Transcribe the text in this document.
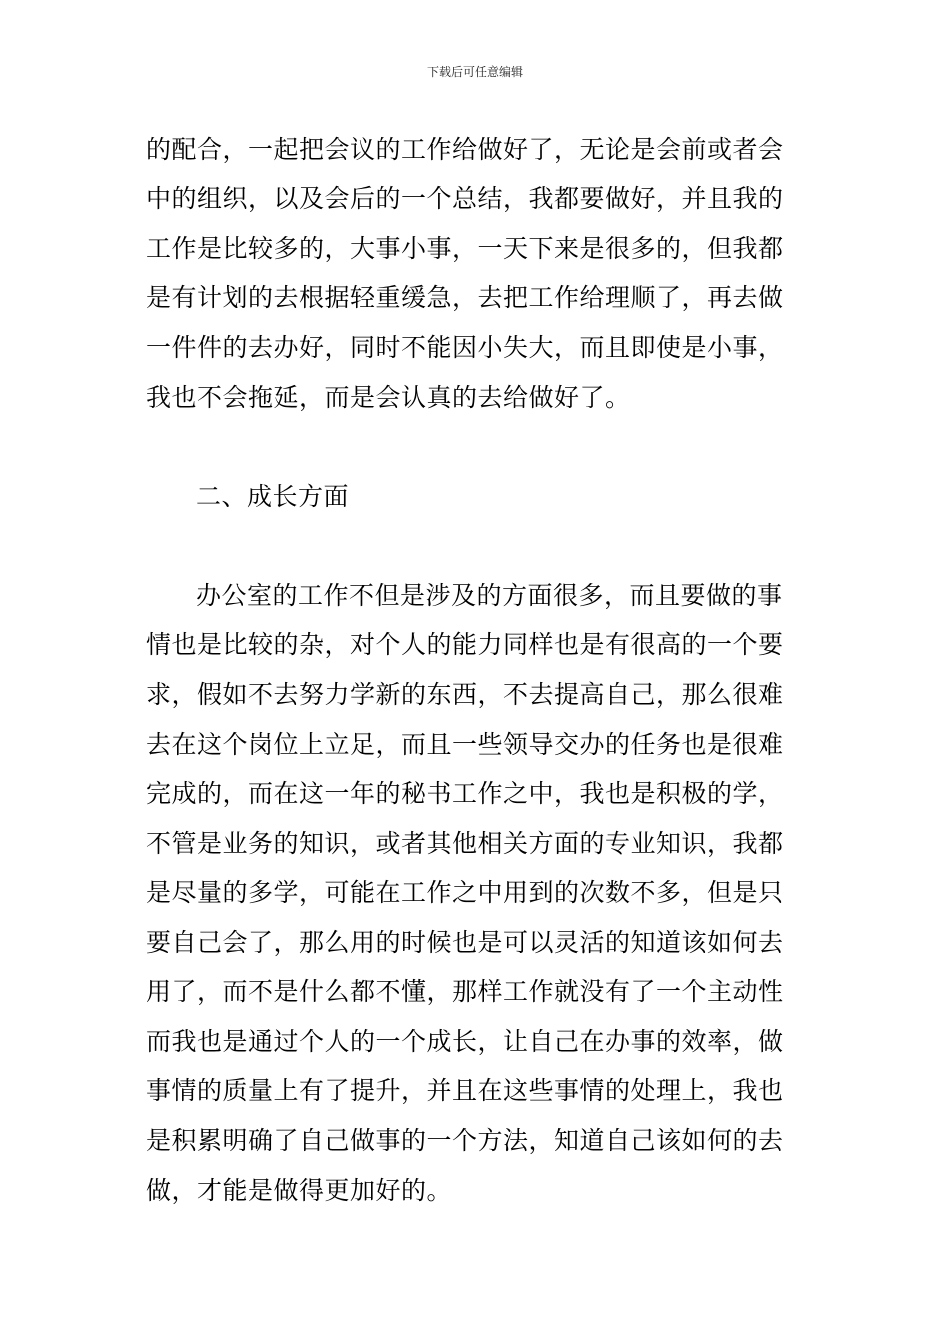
下载后可任意编辑
的配合，一起把会议的工作给做好了，无论是会前或者会
中的组织，以及会后的一个总结，我都要做好，并且我的
工作是比较多的，大事小事，一天下来是很多的，但我都
是有计划的去根据轻重缓急，去把工作给理顺了，再去做
一件件的去办好，同时不能因小失大，而且即使是小事，
我也不会拖延，而是会认真的去给做好了。
二、成长方面
办公室的工作不但是涉及的方面很多，而且要做的事
情也是比较的杂，对个人的能力同样也是有很高的一个要
求，假如不去努力学新的东西，不去提高自己，那么很难
去在这个岗位上立足，而且一些领导交办的任务也是很难
完成的，而在这一年的秘书工作之中，我也是积极的学，
不管是业务的知识，或者其他相关方面的专业知识，我都
是尽量的多学，可能在工作之中用到的次数不多，但是只
要自己会了，那么用的时候也是可以灵活的知道该如何去
用了，而不是什么都不懂，那样工作就没有了一个主动性
而我也是通过个人的一个成长，让自己在办事的效率，做
事情的质量上有了提升，并且在这些事情的处理上，我也
是积累明确了自己做事的一个方法，知道自己该如何的去
做，才能是做得更加好的。
